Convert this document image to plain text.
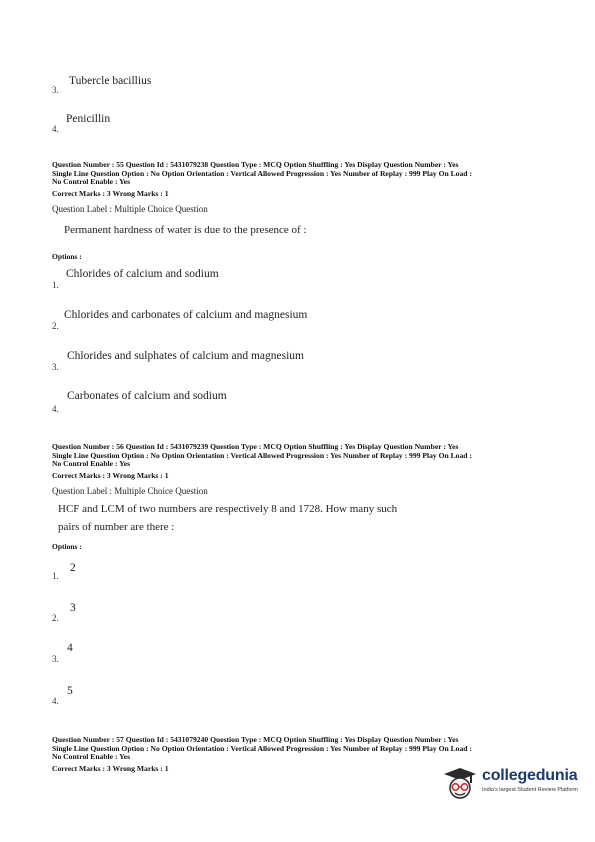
3.
Tubercle bacillius
4.
Penicillin
Question Number : 55 Question Id : 5431079238 Question Type : MCQ Option Shuffling : Yes Display Question Number : Yes
Single Line Question Option : No Option Orientation : Vertical Allowed Progression : Yes Number of Replay : 999 Play On Load :
No Control Enable : Yes
Correct Marks : 3 Wrong Marks : 1
Question Label : Multiple Choice Question
Permanent hardness of water is due to the presence of :
Options :
1.
Chlorides of calcium and sodium
2.
Chlorides and carbonates of calcium and magnesium
3.
Chlorides and sulphates of calcium and magnesium
4.
Carbonates of calcium and sodium
Question Number : 56 Question Id : 5431079239 Question Type : MCQ Option Shuffling : Yes Display Question Number : Yes
Single Line Question Option : No Option Orientation : Vertical Allowed Progression : Yes Number of Replay : 999 Play On Load :
No Control Enable : Yes
Correct Marks : 3 Wrong Marks : 1
Question Label : Multiple Choice Question
HCF and LCM of two numbers are respectively 8 and 1728. How many such
pairs of number are there :
Options :
1.
2
2.
3
3.
4
4.
5
Question Number : 57 Question Id : 5431079240 Question Type : MCQ Option Shuffling : Yes Display Question Number : Yes
Single Line Question Option : No Option Orientation : Vertical Allowed Progression : Yes Number of Replay : 999 Play On Load :
No Control Enable : Yes
Correct Marks : 3 Wrong Marks : 1	collegedunia
India's largest Student Review Platform
